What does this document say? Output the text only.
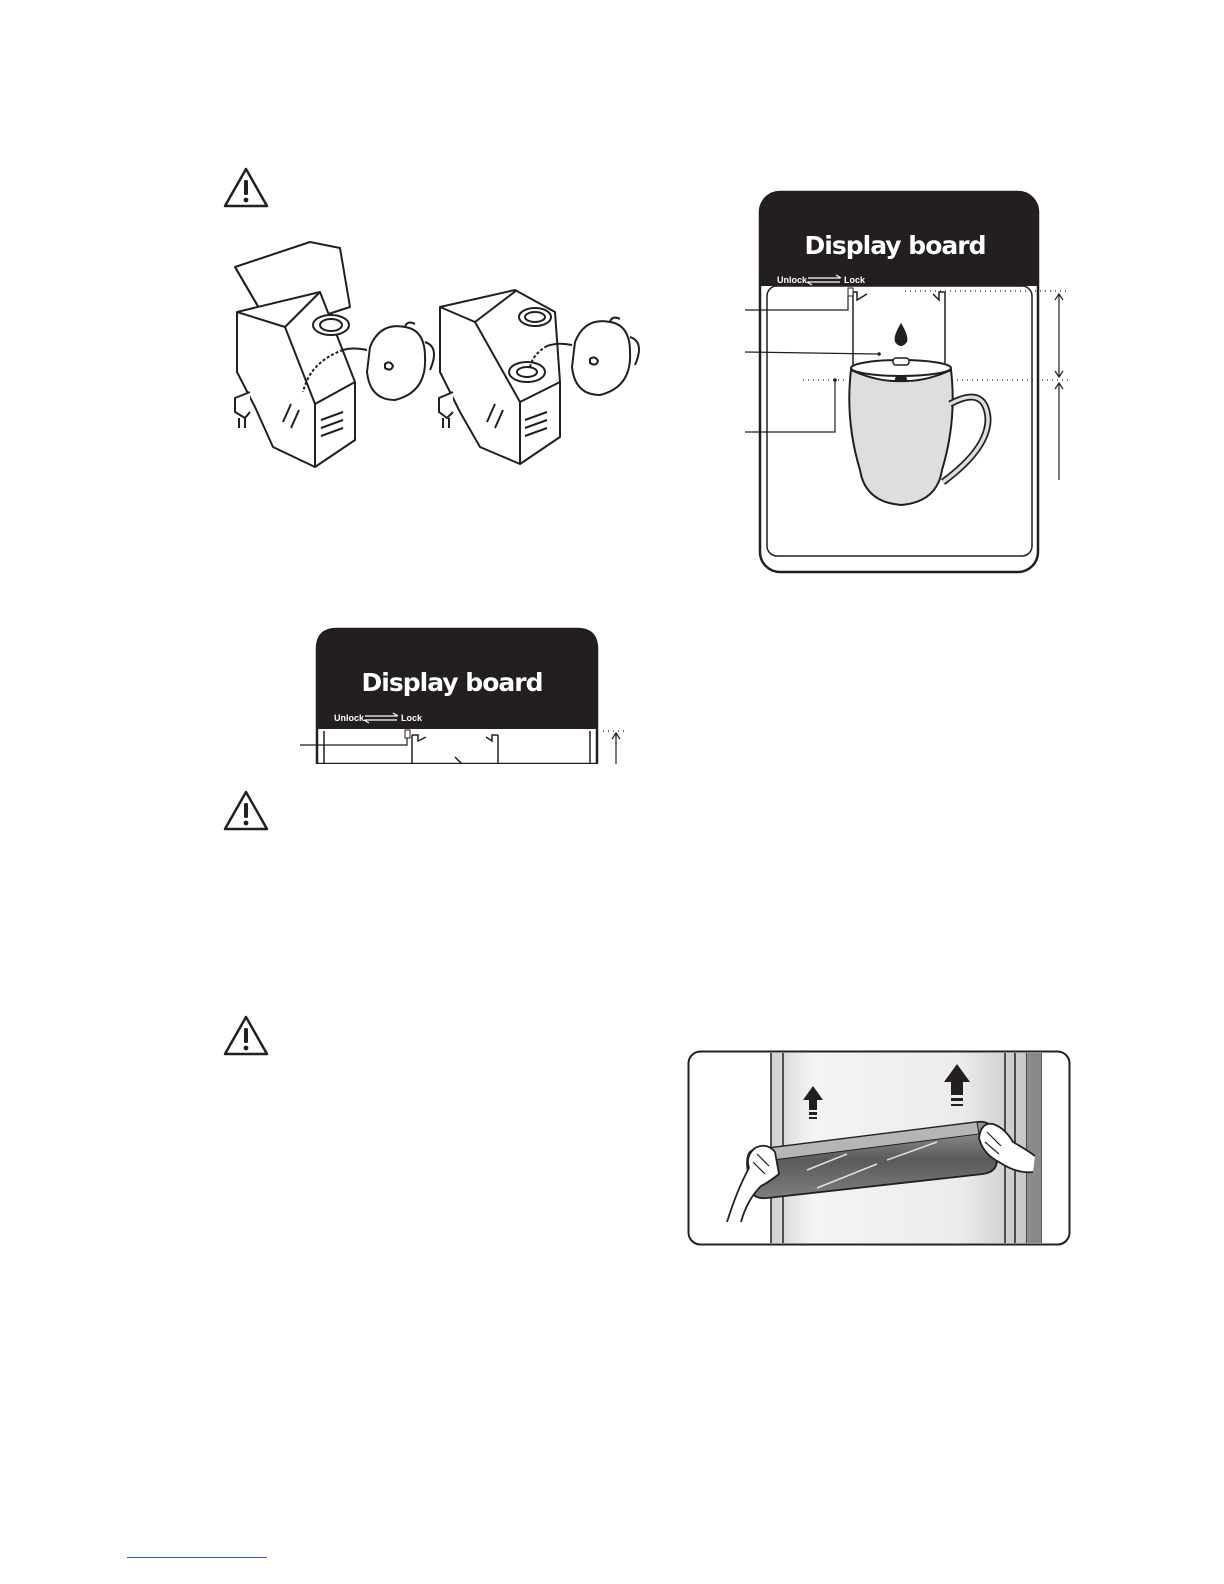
Display board
Unlock	Lock
Display board
Unlock	Lock
